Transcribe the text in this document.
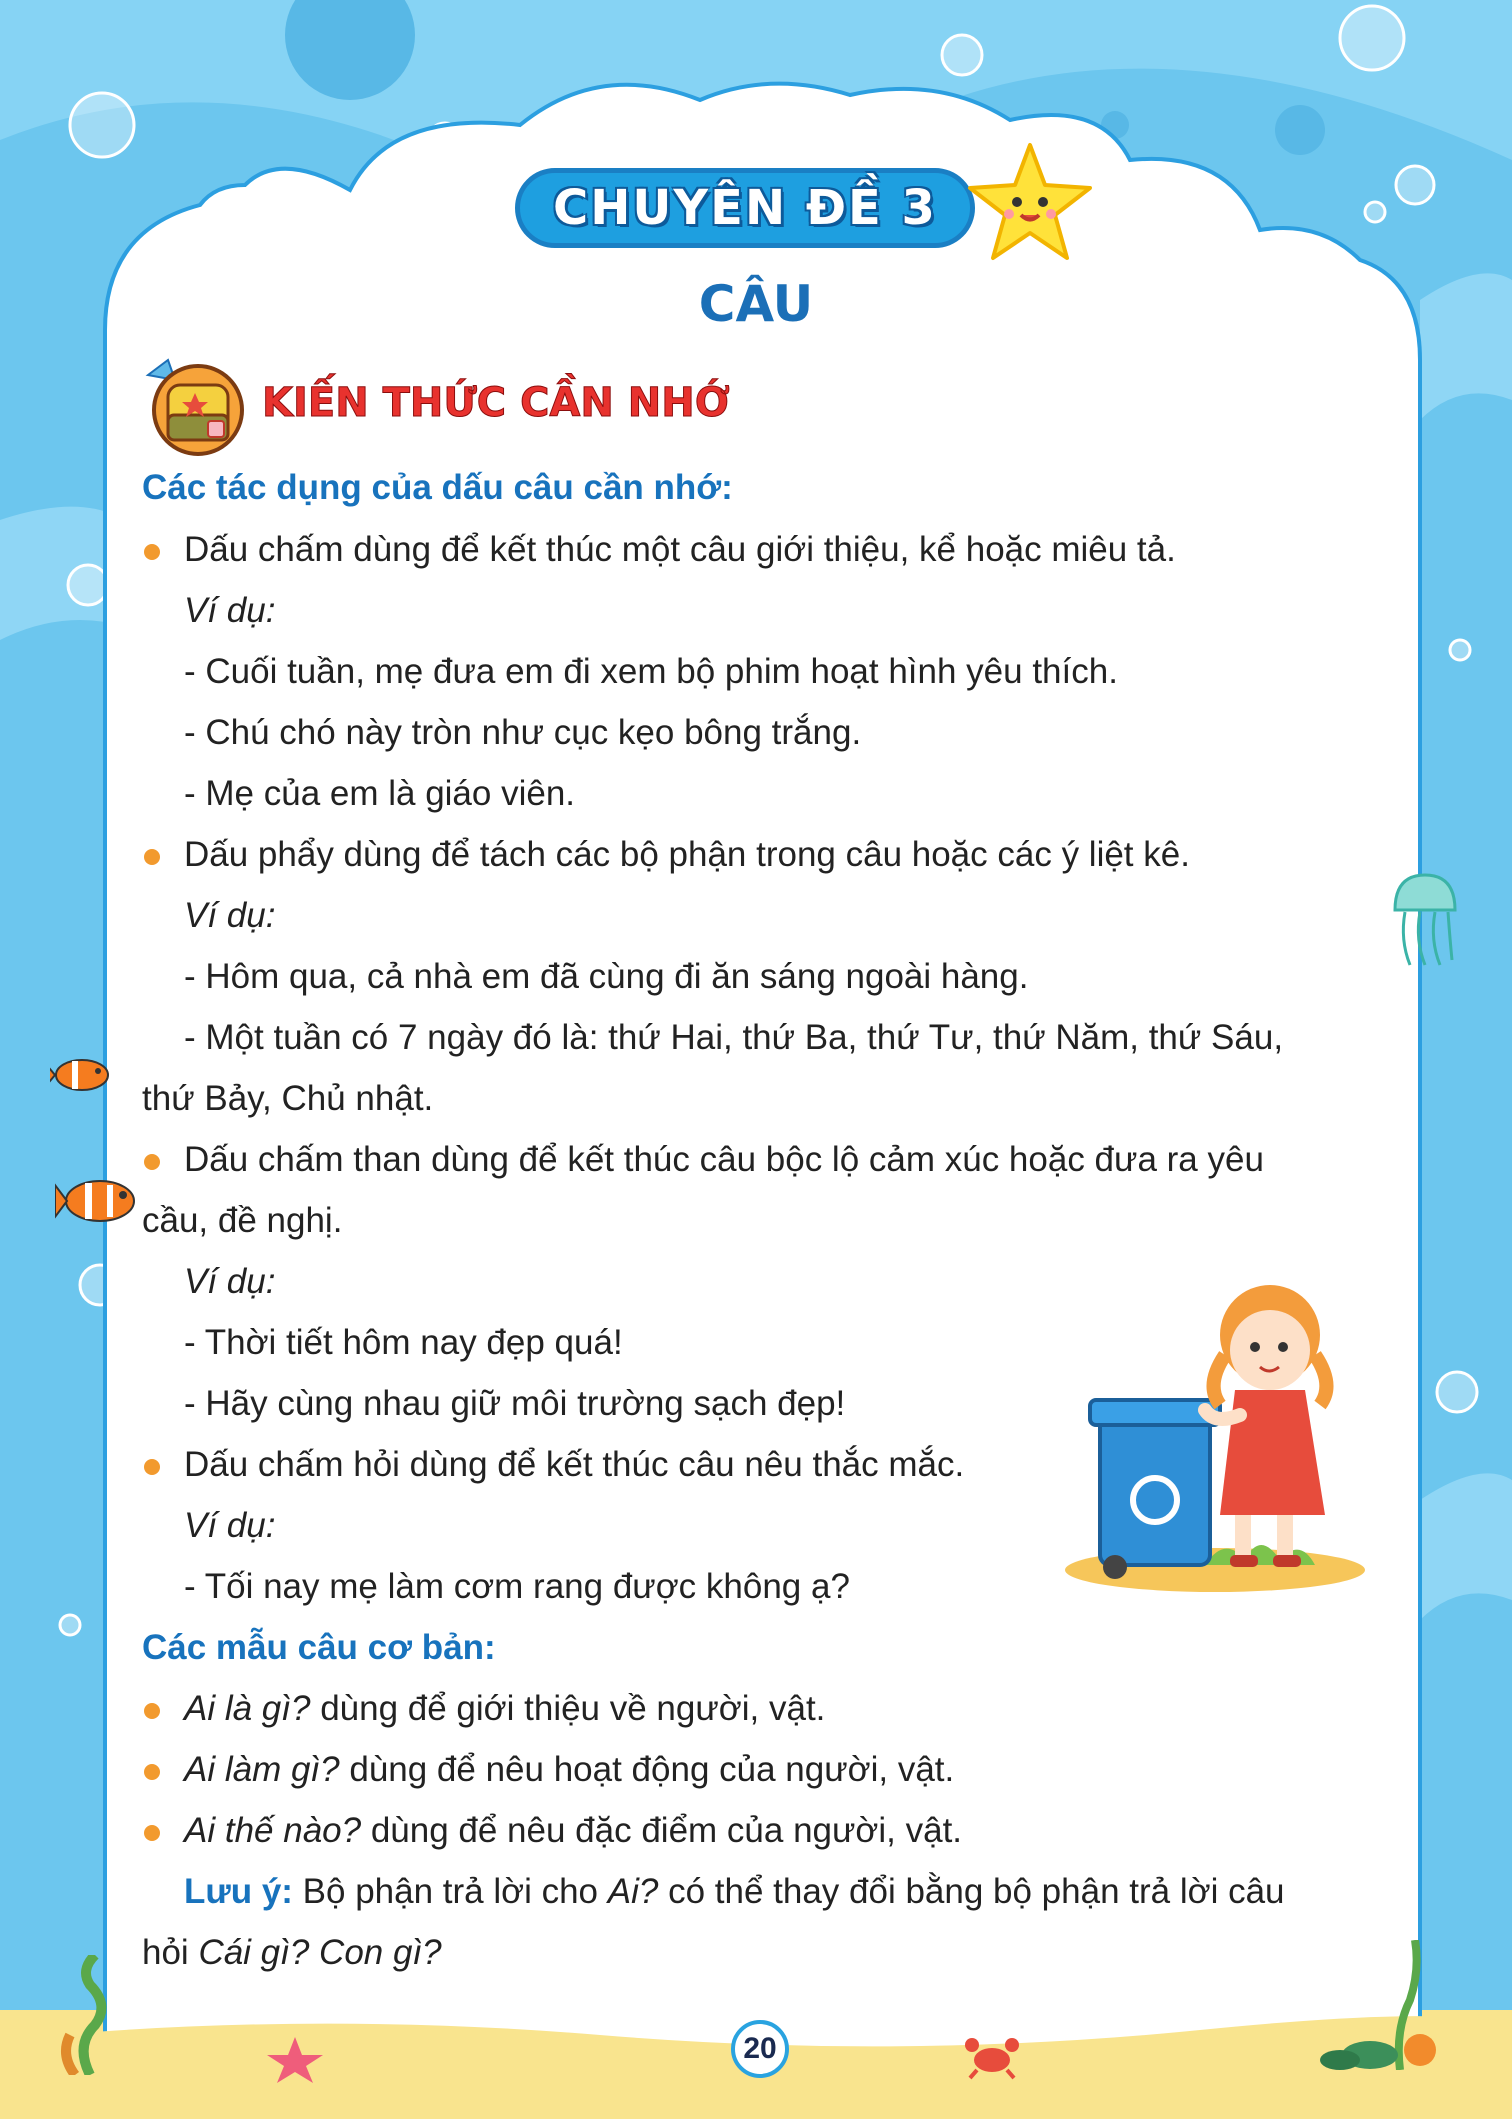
CHUYÊN ĐỀ 3
CÂU
KIẾN THỨC CẦN NHỚ
Các tác dụng của dấu câu cần nhớ:
Dấu chấm dùng để kết thúc một câu giới thiệu, kể hoặc miêu tả.
Ví dụ:
- Cuối tuần, mẹ đưa em đi xem bộ phim hoạt hình yêu thích.
- Chú chó này tròn như cục kẹo bông trắng.
- Mẹ của em là giáo viên.
Dấu phẩy dùng để tách các bộ phận trong câu hoặc các ý liệt kê.
Ví dụ:
- Hôm qua, cả nhà em đã cùng đi ăn sáng ngoài hàng.
- Một tuần có 7 ngày đó là: thứ Hai, thứ Ba, thứ Tư, thứ Năm, thứ Sáu,
thứ Bảy, Chủ nhật.
Dấu chấm than dùng để kết thúc câu bộc lộ cảm xúc hoặc đưa ra yêu
cầu, đề nghị.
Ví dụ:
- Thời tiết hôm nay đẹp quá!
- Hãy cùng nhau giữ môi trường sạch đẹp!
Dấu chấm hỏi dùng để kết thúc câu nêu thắc mắc.
Ví dụ:
- Tối nay mẹ làm cơm rang được không ạ?
Các mẫu câu cơ bản:
Ai là gì? dùng để giới thiệu về người, vật.
Ai làm gì? dùng để nêu hoạt động của người, vật.
Ai thế nào? dùng để nêu đặc điểm của người, vật.
Lưu ý: Bộ phận trả lời cho Ai? có thể thay đổi bằng bộ phận trả lời câu
hỏi Cái gì? Con gì?
20
